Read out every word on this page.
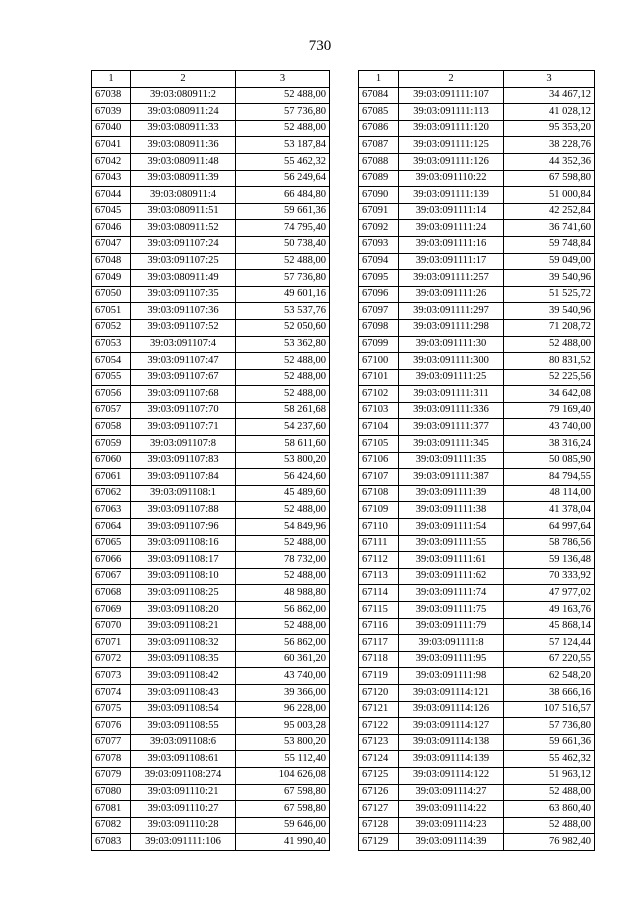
730
1	2	3
67038	39:03:080911:2	52 488,00
67039	39:03:080911:24	57 736,80
67040	39:03:080911:33	52 488,00
67041	39:03:080911:36	53 187,84
67042	39:03:080911:48	55 462,32
67043	39:03:080911:39	56 249,64
67044	39:03:080911:4	66 484,80
67045	39:03:080911:51	59 661,36
67046	39:03:080911:52	74 795,40
67047	39:03:091107:24	50 738,40
67048	39:03:091107:25	52 488,00
67049	39:03:080911:49	57 736,80
67050	39:03:091107:35	49 601,16
67051	39:03:091107:36	53 537,76
67052	39:03:091107:52	52 050,60
67053	39:03:091107:4	53 362,80
67054	39:03:091107:47	52 488,00
67055	39:03:091107:67	52 488,00
67056	39:03:091107:68	52 488,00
67057	39:03:091107:70	58 261,68
67058	39:03:091107:71	54 237,60
67059	39:03:091107:8	58 611,60
67060	39:03:091107:83	53 800,20
67061	39:03:091107:84	56 424,60
67062	39:03:091108:1	45 489,60
67063	39:03:091107:88	52 488,00
67064	39:03:091107:96	54 849,96
67065	39:03:091108:16	52 488,00
67066	39:03:091108:17	78 732,00
67067	39:03:091108:10	52 488,00
67068	39:03:091108:25	48 988,80
67069	39:03:091108:20	56 862,00
67070	39:03:091108:21	52 488,00
67071	39:03:091108:32	56 862,00
67072	39:03:091108:35	60 361,20
67073	39:03:091108:42	43 740,00
67074	39:03:091108:43	39 366,00
67075	39:03:091108:54	96 228,00
67076	39:03:091108:55	95 003,28
67077	39:03:091108:6	53 800,20
67078	39:03:091108:61	55 112,40
67079	39:03:091108:274	104 626,08
67080	39:03:091110:21	67 598,80
67081	39:03:091110:27	67 598,80
67082	39:03:091110:28	59 646,00
67083	39:03:091111:106	41 990,40
1	2	3
67084	39:03:091111:107	34 467,12
67085	39:03:091111:113	41 028,12
67086	39:03:091111:120	95 353,20
67087	39:03:091111:125	38 228,76
67088	39:03:091111:126	44 352,36
67089	39:03:091110:22	67 598,80
67090	39:03:091111:139	51 000,84
67091	39:03:091111:14	42 252,84
67092	39:03:091111:24	36 741,60
67093	39:03:091111:16	59 748,84
67094	39:03:091111:17	59 049,00
67095	39:03:091111:257	39 540,96
67096	39:03:091111:26	51 525,72
67097	39:03:091111:297	39 540,96
67098	39:03:091111:298	71 208,72
67099	39:03:091111:30	52 488,00
67100	39:03:091111:300	80 831,52
67101	39:03:091111:25	52 225,56
67102	39:03:091111:311	34 642,08
67103	39:03:091111:336	79 169,40
67104	39:03:091111:377	43 740,00
67105	39:03:091111:345	38 316,24
67106	39:03:091111:35	50 085,90
67107	39:03:091111:387	84 794,55
67108	39:03:091111:39	48 114,00
67109	39:03:091111:38	41 378,04
67110	39:03:091111:54	64 997,64
67111	39:03:091111:55	58 786,56
67112	39:03:091111:61	59 136,48
67113	39:03:091111:62	70 333,92
67114	39:03:091111:74	47 977,02
67115	39:03:091111:75	49 163,76
67116	39:03:091111:79	45 868,14
67117	39:03:091111:8	57 124,44
67118	39:03:091111:95	67 220,55
67119	39:03:091111:98	62 548,20
67120	39:03:091114:121	38 666,16
67121	39:03:091114:126	107 516,57
67122	39:03:091114:127	57 736,80
67123	39:03:091114:138	59 661,36
67124	39:03:091114:139	55 462,32
67125	39:03:091114:122	51 963,12
67126	39:03:091114:27	52 488,00
67127	39:03:091114:22	63 860,40
67128	39:03:091114:23	52 488,00
67129	39:03:091114:39	76 982,40
